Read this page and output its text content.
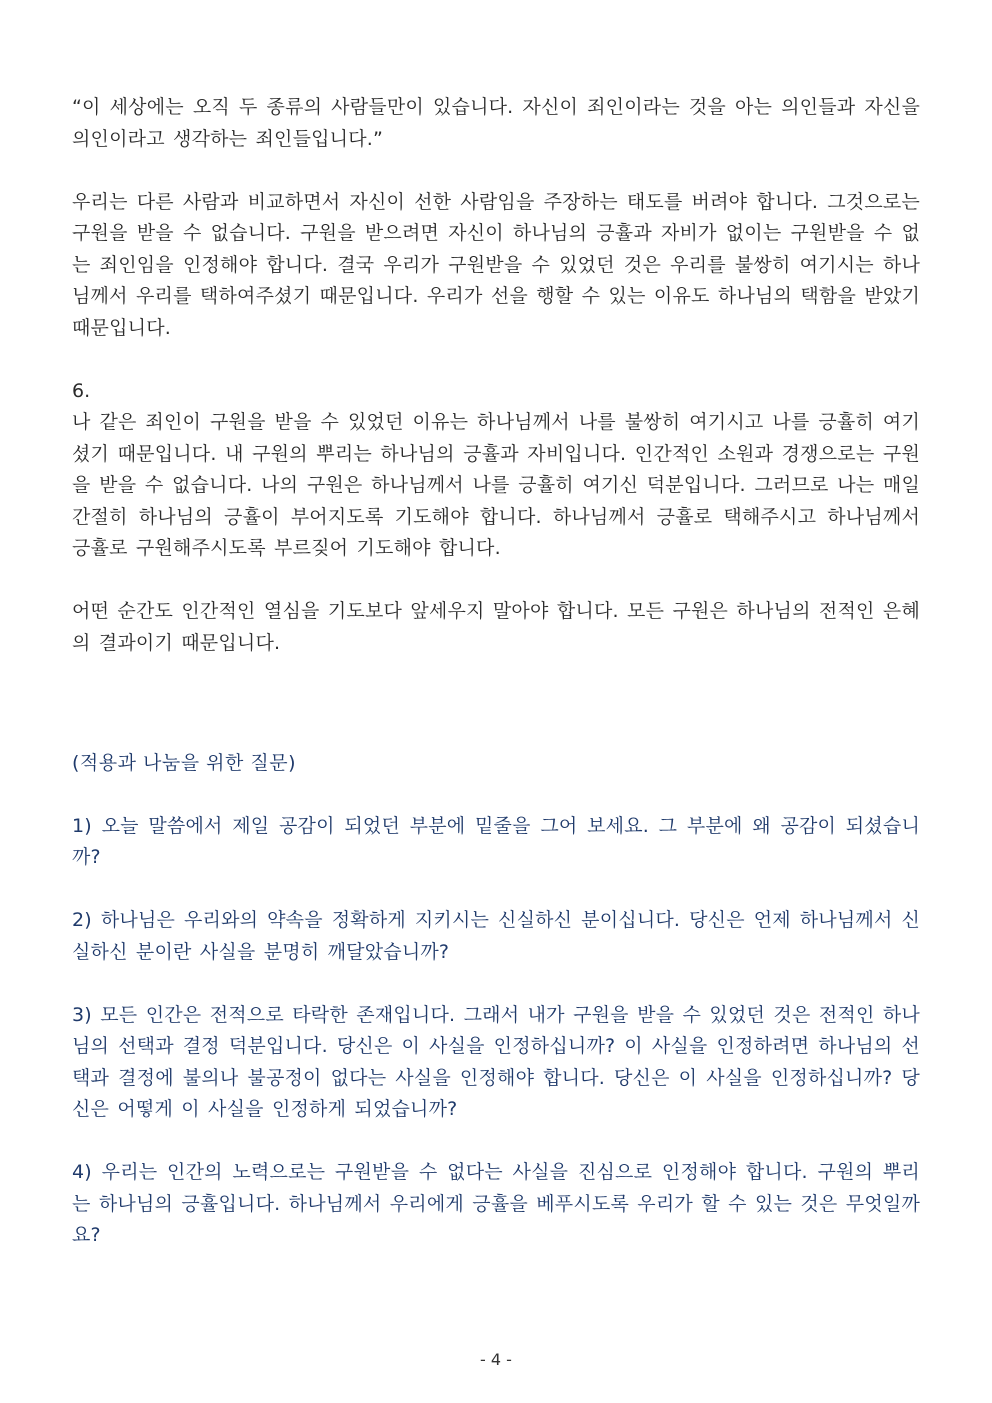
“이 세상에는 오직 두 종류의 사람들만이 있습니다. 자신이 죄인이라는 것을 아는 의인들과 자신을 의인이라고 생각하는 죄인들입니다.”

우리는 다른 사람과 비교하면서 자신이 선한 사람임을 주장하는 태도를 버려야 합니다. 그것으로는 구원을 받을 수 없습니다. 구원을 받으려면 자신이 하나님의 긍휼과 자비가 없이는 구원받을 수 없는 죄인임을 인정해야 합니다. 결국 우리가 구원받을 수 있었던 것은 우리를 불쌍히 여기시는 하나님께서 우리를 택하여주셨기 때문입니다. 우리가 선을 행할 수 있는 이유도 하나님의 택함을 받았기 때문입니다.

6.

나 같은 죄인이 구원을 받을 수 있었던 이유는 하나님께서 나를 불쌍히 여기시고 나를 긍휼히 여기셨기 때문입니다. 내 구원의 뿌리는 하나님의 긍휼과 자비입니다. 인간적인 소원과 경쟁으로는 구원을 받을 수 없습니다. 나의 구원은 하나님께서 나를 긍휼히 여기신 덕분입니다. 그러므로 나는 매일 간절히 하나님의 긍휼이 부어지도록 기도해야 합니다. 하나님께서 긍휼로 택해주시고 하나님께서 긍휼로 구원해주시도록 부르짖어 기도해야 합니다.

어떤 순간도 인간적인 열심을 기도보다 앞세우지 말아야 합니다. 모든 구원은 하나님의 전적인 은혜의 결과이기 때문입니다.

(적용과 나눔을 위한 질문)

1) 오늘 말씀에서 제일 공감이 되었던 부분에 밑줄을 그어 보세요. 그 부분에 왜 공감이 되셨습니까?

2) 하나님은 우리와의 약속을 정확하게 지키시는 신실하신 분이십니다. 당신은 언제 하나님께서 신실하신 분이란 사실을 분명히 깨달았습니까?

3) 모든 인간은 전적으로 타락한 존재입니다. 그래서 내가 구원을 받을 수 있었던 것은 전적인 하나님의 선택과 결정 덕분입니다. 당신은 이 사실을 인정하십니까? 이 사실을 인정하려면 하나님의 선택과 결정에 불의나 불공정이 없다는 사실을 인정해야 합니다. 당신은 이 사실을 인정하십니까? 당신은 어떻게 이 사실을 인정하게 되었습니까?

4) 우리는 인간의 노력으로는 구원받을 수 없다는 사실을 진심으로 인정해야 합니다. 구원의 뿌리는 하나님의 긍휼입니다. 하나님께서 우리에게 긍휼을 베푸시도록 우리가 할 수 있는 것은 무엇일까요?

- 4 -
